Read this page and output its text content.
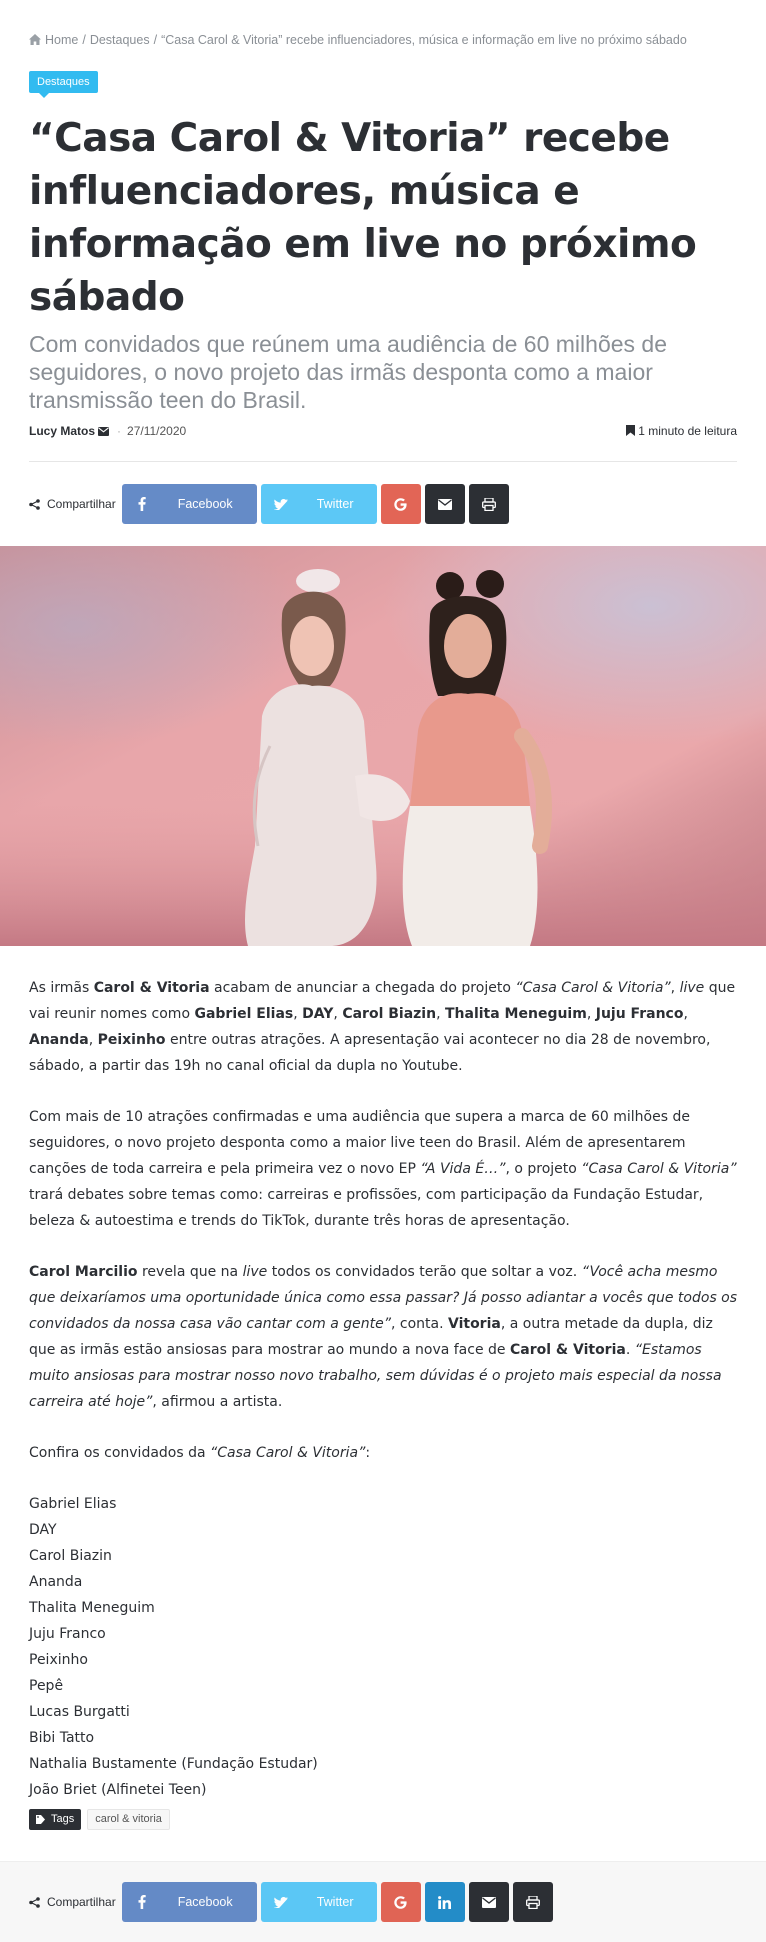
Home / Destaques / “Casa Carol & Vitoria” recebe influenciadores, música e informação em live no próximo sábado
Destaques
“Casa Carol & Vitoria” recebe influenciadores, música e informação em live no próximo sábado
Com convidados que reúnem uma audiência de 60 milhões de seguidores, o novo projeto das irmãs desponta como a maior transmissão teen do Brasil.
Lucy Matos · 27/11/2020	1 minuto de leitura
Compartilhar	Facebook	Twitter

As irmãs Carol & Vitoria acabam de anunciar a chegada do projeto “Casa Carol & Vitoria”, live que vai reunir nomes como Gabriel Elias, DAY, Carol Biazin, Thalita Meneguim, Juju Franco, Ananda, Peixinho entre outras atrações. A apresentação vai acontecer no dia 28 de novembro, sábado, a partir das 19h no canal oficial da dupla no Youtube.

Com mais de 10 atrações confirmadas e uma audiência que supera a marca de 60 milhões de seguidores, o novo projeto desponta como a maior live teen do Brasil. Além de apresentarem canções de toda carreira e pela primeira vez o novo EP “A Vida É…”, o projeto “Casa Carol & Vitoria” trará debates sobre temas como: carreiras e profissões, com participação da Fundação Estudar, beleza & autoestima e trends do TikTok, durante três horas de apresentação.

Carol Marcilio revela que na live todos os convidados terão que soltar a voz. “Você acha mesmo que deixaríamos uma oportunidade única como essa passar? Já posso adiantar a vocês que todos os convidados da nossa casa vão cantar com a gente”, conta. Vitoria, a outra metade da dupla, diz que as irmãs estão ansiosas para mostrar ao mundo a nova face de Carol & Vitoria. “Estamos muito ansiosas para mostrar nosso novo trabalho, sem dúvidas é o projeto mais especial da nossa carreira até hoje”, afirmou a artista.

Confira os convidados da “Casa Carol & Vitoria”:

Gabriel Elias
DAY
Carol Biazin
Ananda
Thalita Meneguim
Juju Franco
Peixinho
Pepê
Lucas Burgatti
Bibi Tatto
Nathalia Bustamente (Fundação Estudar)
João Briet (Alfinetei Teen)
Tags	carol & vitoria
Compartilhar	Facebook	Twitter
